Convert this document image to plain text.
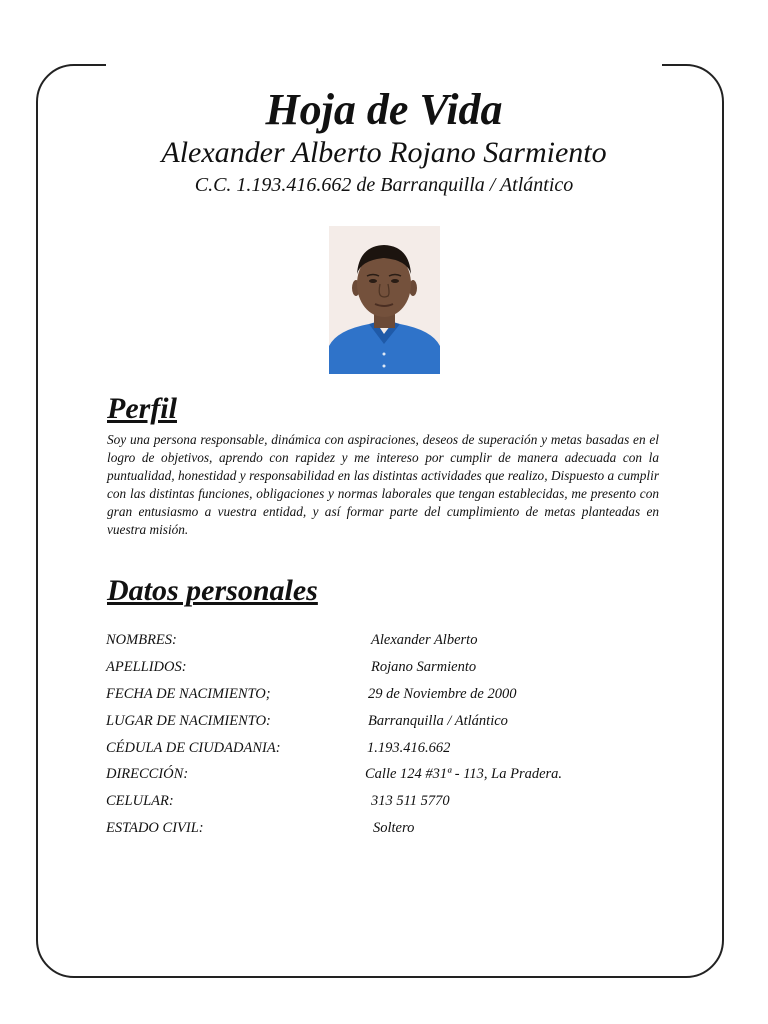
Hoja de Vida

Alexander Alberto Rojano Sarmiento

C.C. 1.193.416.662 de Barranquilla / Atlántico

Perfil

Soy una persona responsable, dinámica con aspiraciones, deseos de superación y metas basadas en el logro de objetivos, aprendo con rapidez y me intereso por cumplir de manera adecuada con la puntualidad, honestidad y responsabilidad en las distintas actividades que realizo, Dispuesto a cumplir con las distintas funciones, obligaciones y normas laborales que tengan establecidas, me presento con gran entusiasmo a vuestra entidad, y así formar parte del cumplimiento de metas planteadas en vuestra misión.

Datos personales
NOMBRES:	Alexander Alberto
APELLIDOS:	Rojano Sarmiento
FECHA DE NACIMIENTO;	29 de Noviembre de 2000
LUGAR DE NACIMIENTO:	Barranquilla / Atlántico
CÉDULA DE CIUDADANIA:	1.193.416.662
DIRECCIÓN:	Calle 124 #31ª - 113, La Pradera.
CELULAR:	313 511 5770
ESTADO CIVIL:	Soltero
